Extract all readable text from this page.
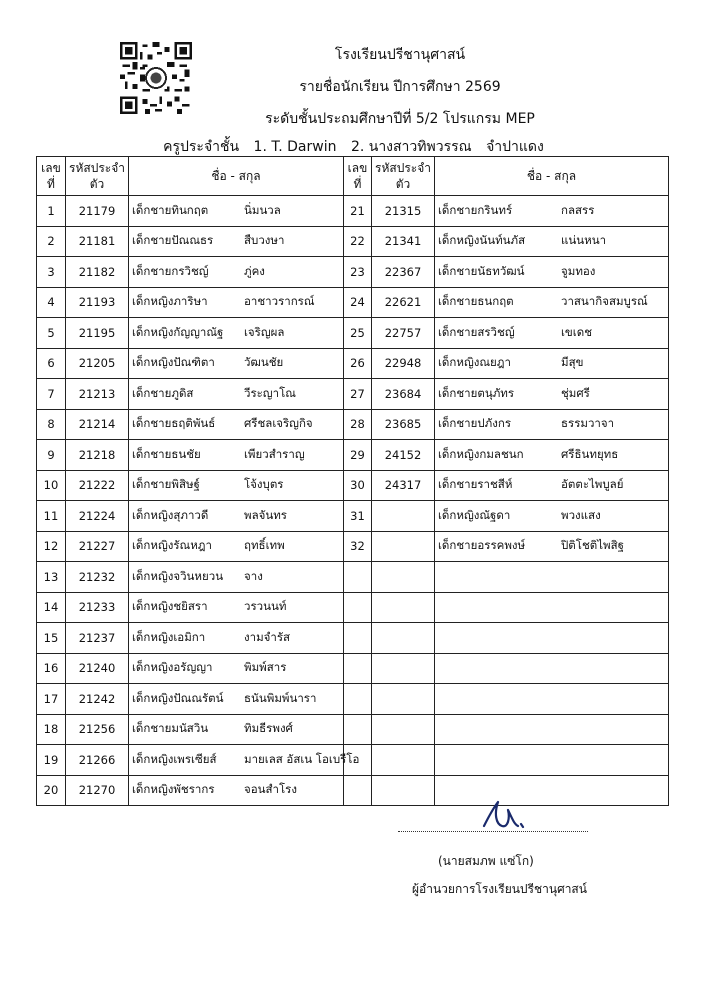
โรงเรียนปรีชานุศาสน์
รายชื่อนักเรียน ปีการศึกษา 2569
ระดับชั้นประถมศึกษาปีที่ 5/2 โปรแกรม MEP
ครูประจำชั้น 1. T. Darwin 2. นางสาวทิพวรรณ จำปาแดง
เลขที่	รหัสประจำตัว	ชื่อ - สกุล	เลขที่	รหัสประจำตัว	ชื่อ - สกุล
1	21179	เด็กชายทินกฤต นิ่มนวล	21	21315	เด็กชายกรินทร์ กลสรร

2	21181	เด็กชายปัณณธร สืบวงษา	22	21341	เด็กหญิงนันท์นภัส แน่นหนา

3	21182	เด็กชายกรวิชญ์ ภู่คง	23	22367	เด็กชายนัธทวัฒน์ จูมทอง

4	21193	เด็กหญิงภาริษา อาชาวรากรณ์	24	22621	เด็กชายธนกฤต วาสนากิจสมบูรณ์

5	21195	เด็กหญิงกัญญาณัฐ เจริญผล	25	22757	เด็กชายสรวิชญ์ เขเดช

6	21205	เด็กหญิงปัณฑิตา วัฒนชัย	26	22948	เด็กหญิงณยฎา มีสุข

7	21213	เด็กชายภูดิส วีระญาโณ	27	23684	เด็กชายตนุภัทร ชุ่มศรี

8	21214	เด็กชายธฤติพันธ์ ศรีชลเจริญกิจ	28	23685	เด็กชายปภังกร ธรรมวาจา

9	21218	เด็กชายธนชัย เพียวสำราญ	29	24152	เด็กหญิงกมลชนก ศรีธินทยุทธ

10	21222	เด็กชายพิสิษฐ์ โจ้งบุตร	30	24317	เด็กชายราชสีห์ อัตตะไพบูลย์

11	21224	เด็กหญิงสุภาวดี พลจันทร	31		เด็กหญิงณัฐดา พวงแสง

12	21227	เด็กหญิงรัณหฎา ฤทธิ์เทพ	32		เด็กชายอรรคพงษ์ ปิติโชติไพสิฐ

13	21232	เด็กหญิงจวินหยวน จาง			

14	21233	เด็กหญิงชยิสรา วรวนนท์			

15	21237	เด็กหญิงเอมิกา งามจำรัส			

16	21240	เด็กหญิงอรัญญา พิมพ์สาร			

17	21242	เด็กหญิงปัณณรัตน์ ธนันพิมพ์นารา			

18	21256	เด็กชายมนัสวิน ทิมธีรพงศ์			

19	21266	เด็กหญิงเพรเซียส์ มายเลส อัสเน โอเบรีโอ			

20	21270	เด็กหญิงพัชรากร จอนสำโรง			

(นายสมภพ แซ่โก)
ผู้อำนวยการโรงเรียนปรีชานุศาสน์
